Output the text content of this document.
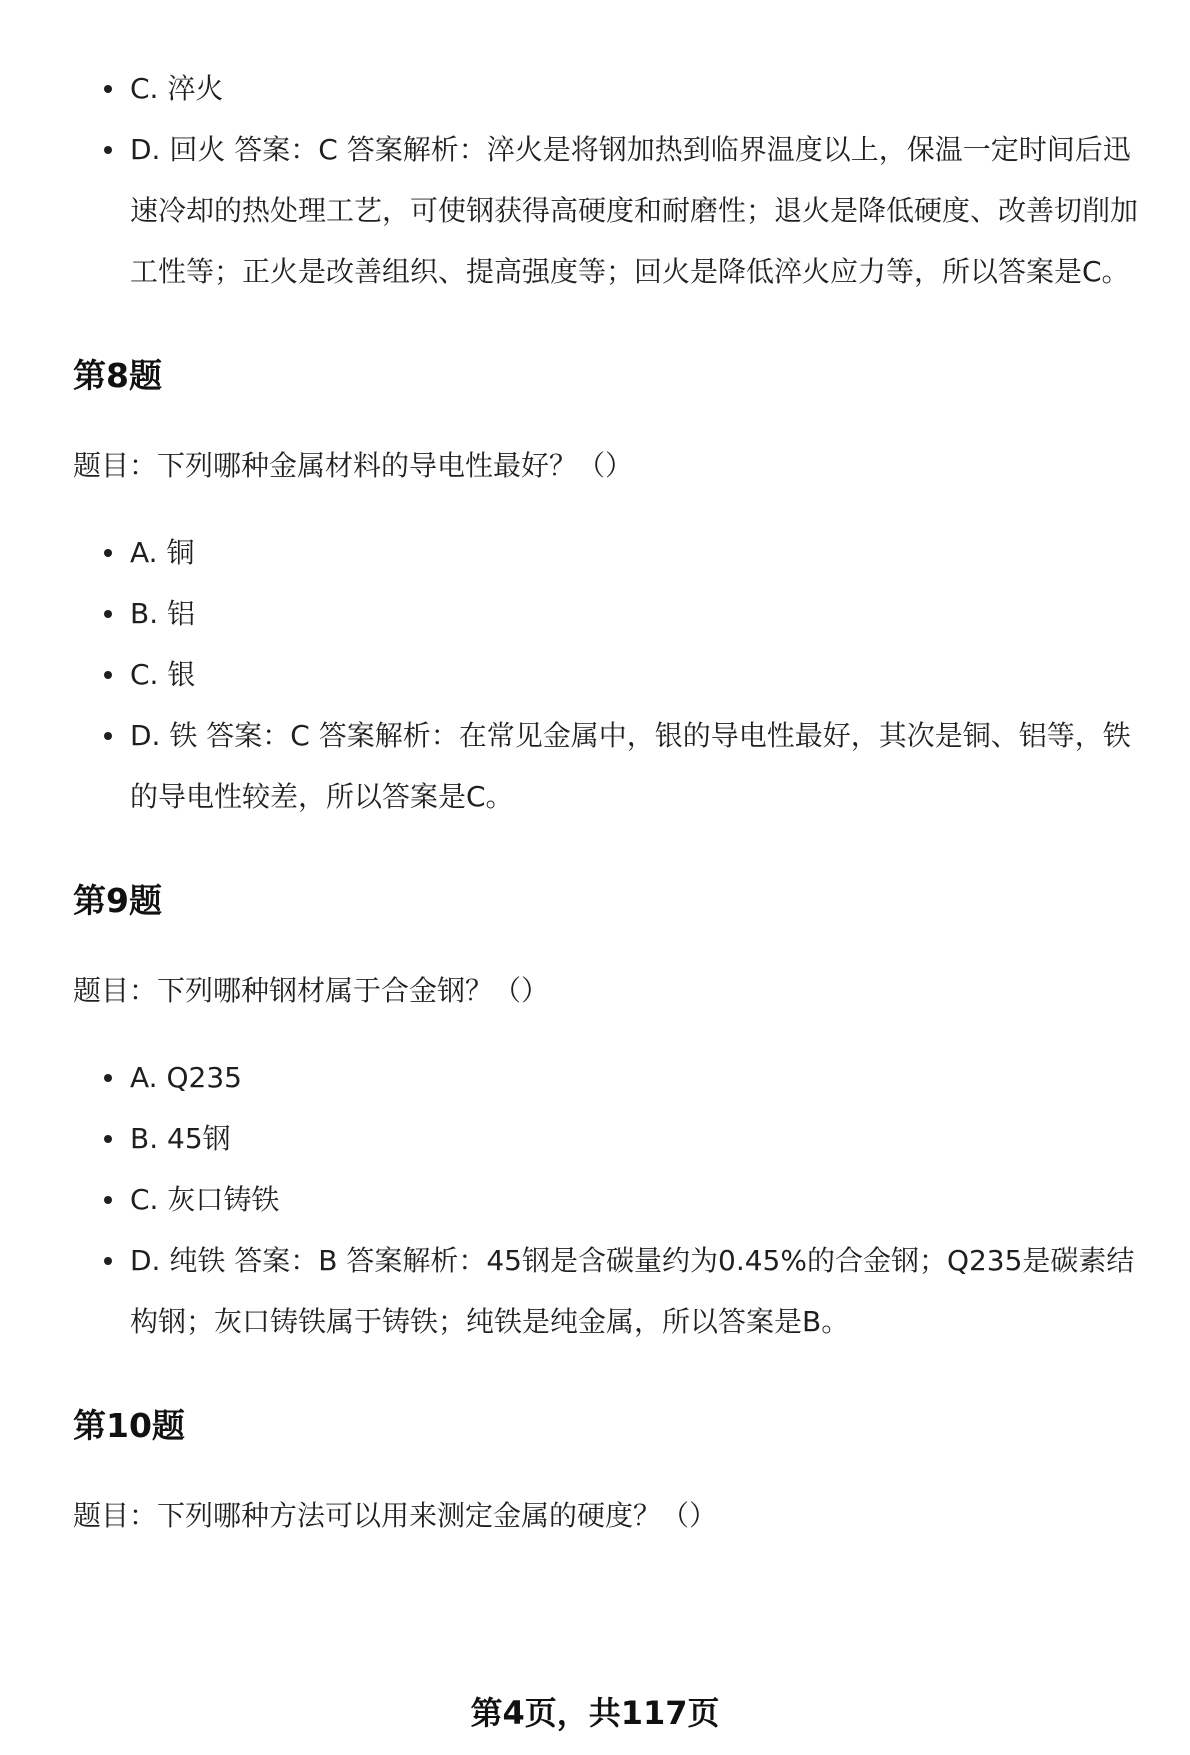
C. 淬火
D. 回火 答案：C 答案解析：淬火是将钢加热到临界温度以上，保温一定时间后迅速冷却的热处理工艺，可使钢获得高硬度和耐磨性；退火是降低硬度、改善切削加工性等；正火是改善组织、提高强度等；回火是降低淬火应力等，所以答案是C。
第8题

题目：下列哪种金属材料的导电性最好？（）

A. 铜
B. 铝
C. 银
D. 铁 答案：C 答案解析：在常见金属中，银的导电性最好，其次是铜、铝等，铁的导电性较差，所以答案是C。
第9题

题目：下列哪种钢材属于合金钢？（）

A. Q235
B. 45钢
C. 灰口铸铁
D. 纯铁 答案：B 答案解析：45钢是含碳量约为0.45%的合金钢；Q235是碳素结构钢；灰口铸铁属于铸铁；纯铁是纯金属，所以答案是B。
第10题

题目：下列哪种方法可以用来测定金属的硬度？（）

第4页，共117页
